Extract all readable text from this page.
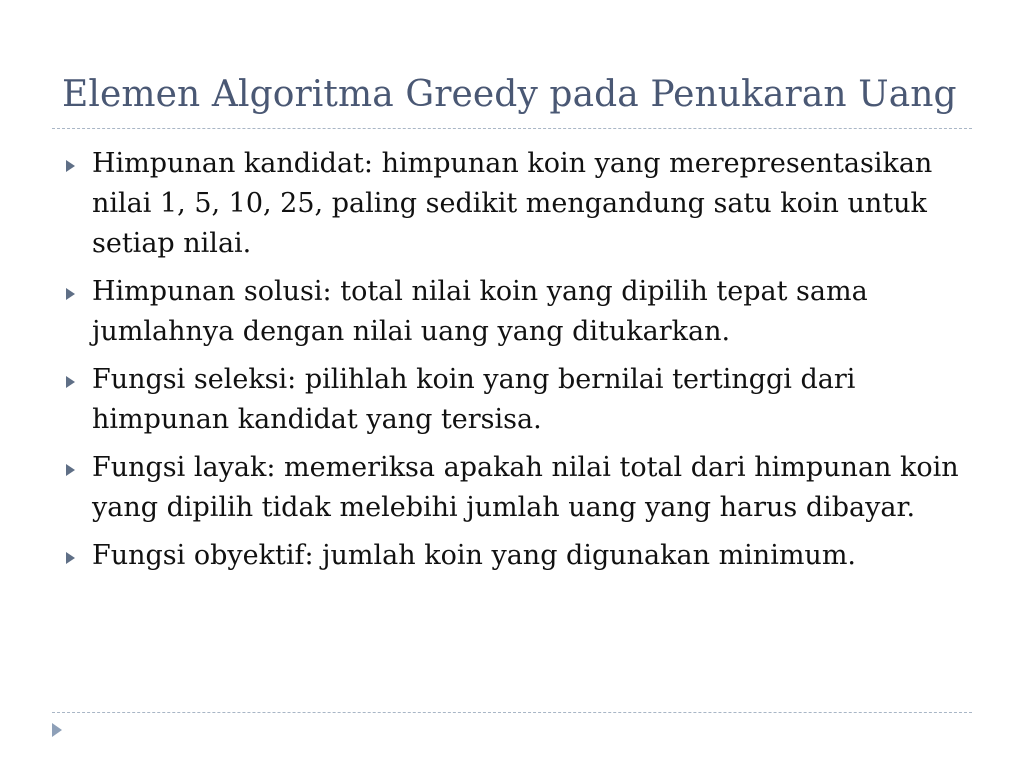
Elemen Algoritma Greedy pada Penukaran Uang
Himpunan kandidat: himpunan koin yang merepresentasikan nilai 1, 5, 10, 25, paling sedikit mengandung satu koin untuk setiap nilai.
Himpunan solusi: total nilai koin yang dipilih tepat sama jumlahnya dengan nilai uang yang ditukarkan.
Fungsi seleksi: pilihlah koin yang bernilai tertinggi dari himpunan kandidat yang tersisa.
Fungsi layak: memeriksa apakah nilai total dari himpunan koin yang dipilih tidak melebihi jumlah uang yang harus dibayar.
Fungsi obyektif: jumlah koin yang digunakan minimum.
